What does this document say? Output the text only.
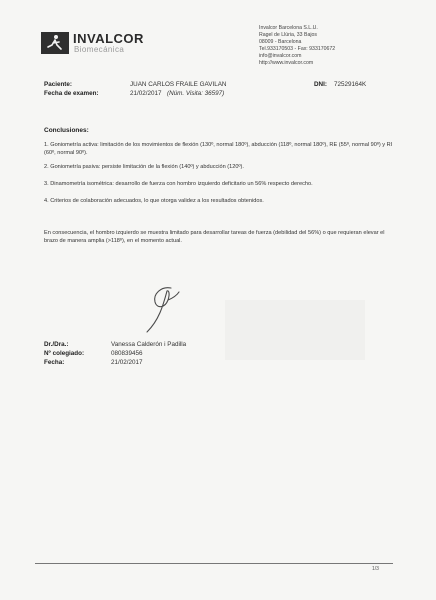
INVALCOR
Biomecánica
Invalcor Barcelona S.L.U.
Ragel de Llúria, 33 Bajos
08009 - Barcelona
Tel.933170503 - Fax: 933170672
info@invalcor.com
http://www.invalcor.com
Paciente:	JUAN CARLOS FRAILE GAVILAN	DNI: 72529164K
Fecha de examen:	21/02/2017 (Núm. Visita: 36597)
Conclusiones:
1. Goniometría activa: limitación de los movimientos de flexión (130º, normal 180º), abducción (118º, normal 180º), RE (55º, normal 90º) y RI (60º, normal 90º).
2. Goniometría pasiva: persiste limitación de la flexión (140º) y abducción (120º).
3. Dinamometría isométrica: desarrollo de fuerza con hombro izquierdo deficitario un 56% respecto derecho.
4. Criterios de colaboración adecuados, lo que otorga validez a los resultados obtenidos.
En consecuencia, el hombro izquierdo se muestra limitado para desarrollar tareas de fuerza (debilidad del 56%) o que requieran elevar el brazo de manera amplia (>118º), en el momento actual.
Dr./Dra.:	Vanessa Calderón i Padilla
Nº colegiado:	080839456
Fecha:	21/02/2017
1/3
